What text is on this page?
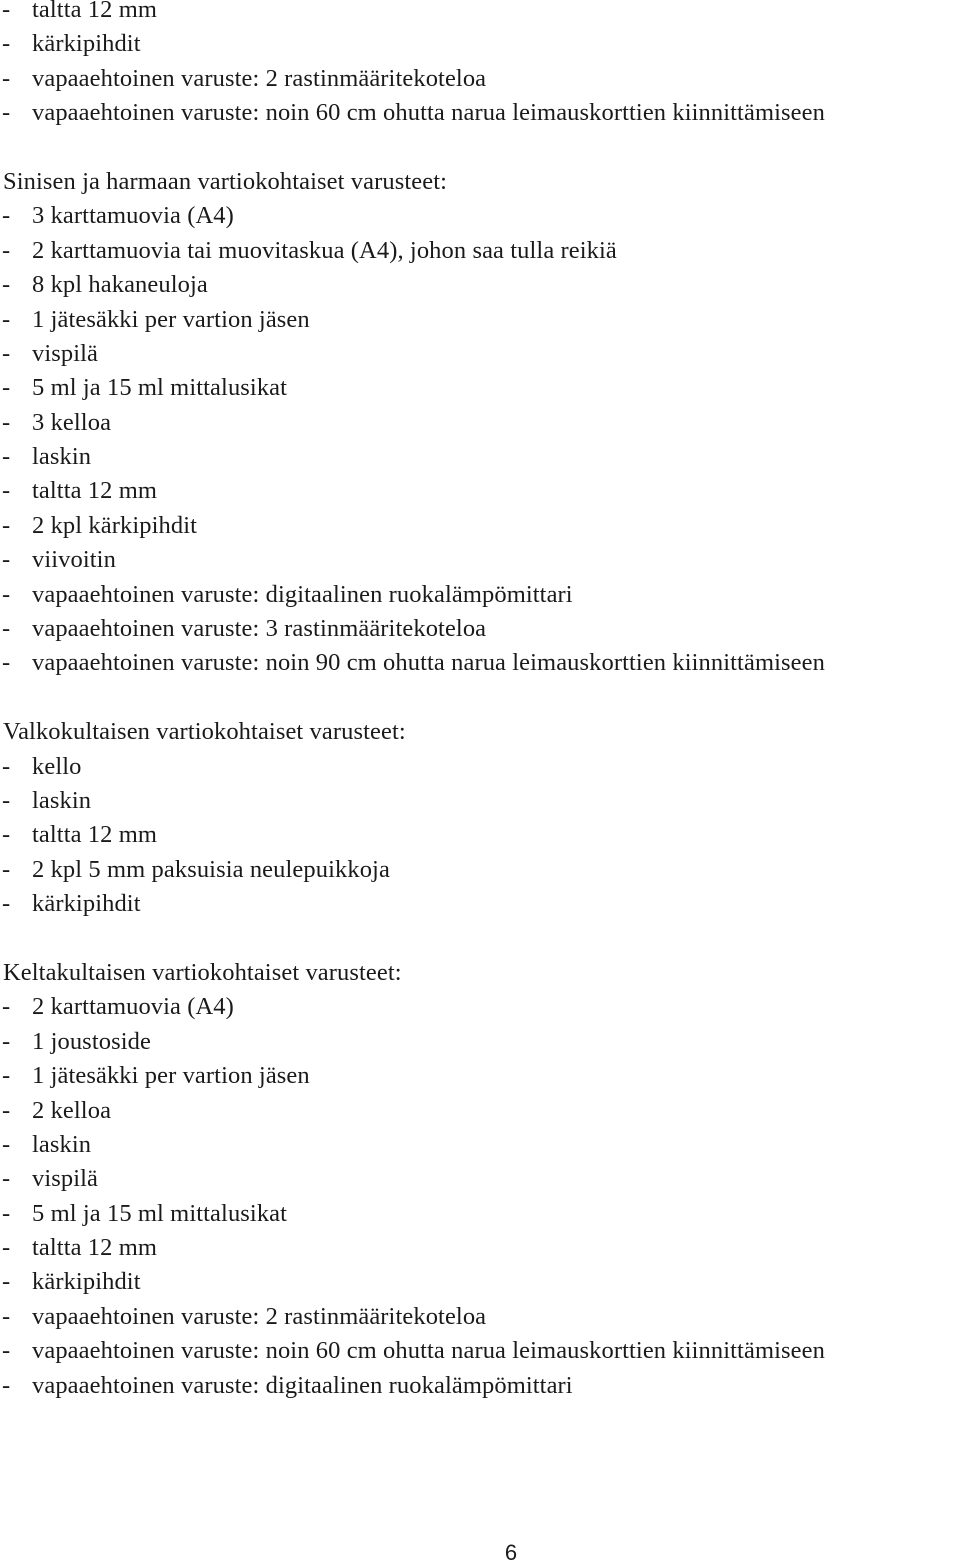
- taltta 12 mm
- kärkipihdit
- vapaaehtoinen varuste: 2 rastinmääritekoteloa
- vapaaehtoinen varuste: noin 60 cm ohutta narua leimauskorttien kiinnittämiseen
Sinisen ja harmaan vartiokohtaiset varusteet:
- 3 karttamuovia (A4)
- 2 karttamuovia tai muovitaskua (A4), johon saa tulla reikiä
- 8 kpl hakaneuloja
- 1 jätesäkki per vartion jäsen
- vispilä
- 5 ml ja 15 ml mittalusikat
- 3 kelloa
- laskin
- taltta 12 mm
- 2 kpl kärkipihdit
- viivoitin
- vapaaehtoinen varuste: digitaalinen ruokalämpömittari
- vapaaehtoinen varuste: 3 rastinmääritekoteloa
- vapaaehtoinen varuste: noin 90 cm ohutta narua leimauskorttien kiinnittämiseen
Valkokultaisen vartiokohtaiset varusteet:
- kello
- laskin
- taltta 12 mm
- 2 kpl 5 mm paksuisia neulepuikkoja
- kärkipihdit
Keltakultaisen vartiokohtaiset varusteet:
- 2 karttamuovia (A4)
- 1 joustoside
- 1 jätesäkki per vartion jäsen
- 2 kelloa
- laskin
- vispilä
- 5 ml ja 15 ml mittalusikat
- taltta 12 mm
- kärkipihdit
- vapaaehtoinen varuste: 2 rastinmääritekoteloa
- vapaaehtoinen varuste: noin 60 cm ohutta narua leimauskorttien kiinnittämiseen
- vapaaehtoinen varuste: digitaalinen ruokalämpömittari
6
